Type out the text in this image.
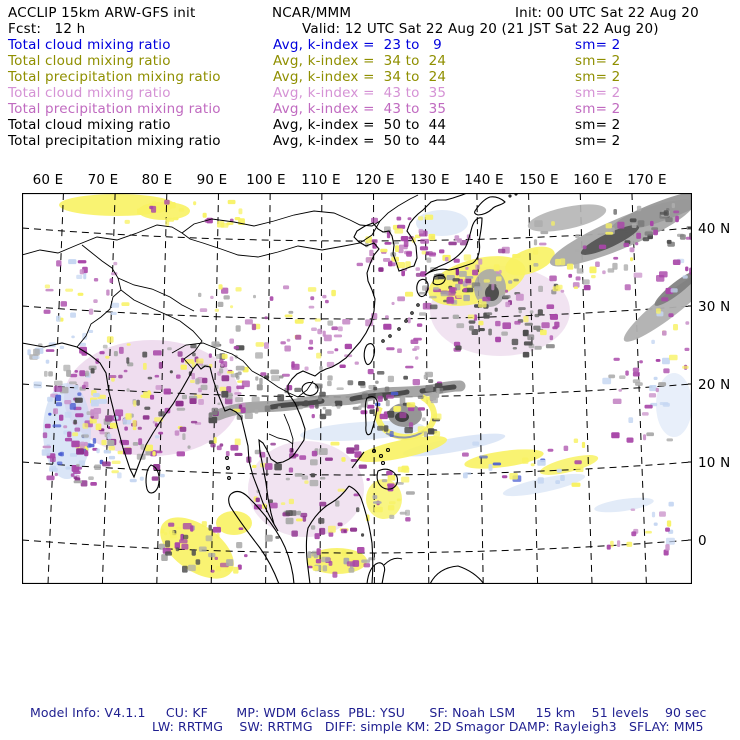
ACCLIP 15km ARW-GFS init	NCAR/MMM	Init: 00 UTC Sat 22 Aug 20
Fcst:   12 h	Valid: 12 UTC Sat 22 Aug 20 (21 JST Sat 22 Aug 20)
Total cloud mixing ratio	Avg, k-index =  23 to   9	sm= 2
Total cloud mixing ratio	Avg, k-index =  34 to  24	sm= 2
Total precipitation mixing ratio	Avg, k-index =  34 to  24	sm= 2
Total cloud mixing ratio	Avg, k-index =  43 to  35	sm= 2
Total precipitation mixing ratio	Avg, k-index =  43 to  35	sm= 2
Total cloud mixing ratio	Avg, k-index =  50 to  44	sm= 2
Total precipitation mixing ratio	Avg, k-index =  50 to  44	sm= 2
60 E 70 E 80 E 90 E 100 E 110 E 120 E 130 E 140 E 150 E 160 E 170 E
40 N
30 N
20 N
10 N
0
Model Info: V4.1.1     CU: KF       MP: WDM 6class  PBL: YSU      SF: Noah LSM     15 km    51 levels    90 sec
LW: RRTMG    SW: RRTMG   DIFF: simple KM: 2D Smagor DAMP: Rayleigh3   SFLAY: MM5
